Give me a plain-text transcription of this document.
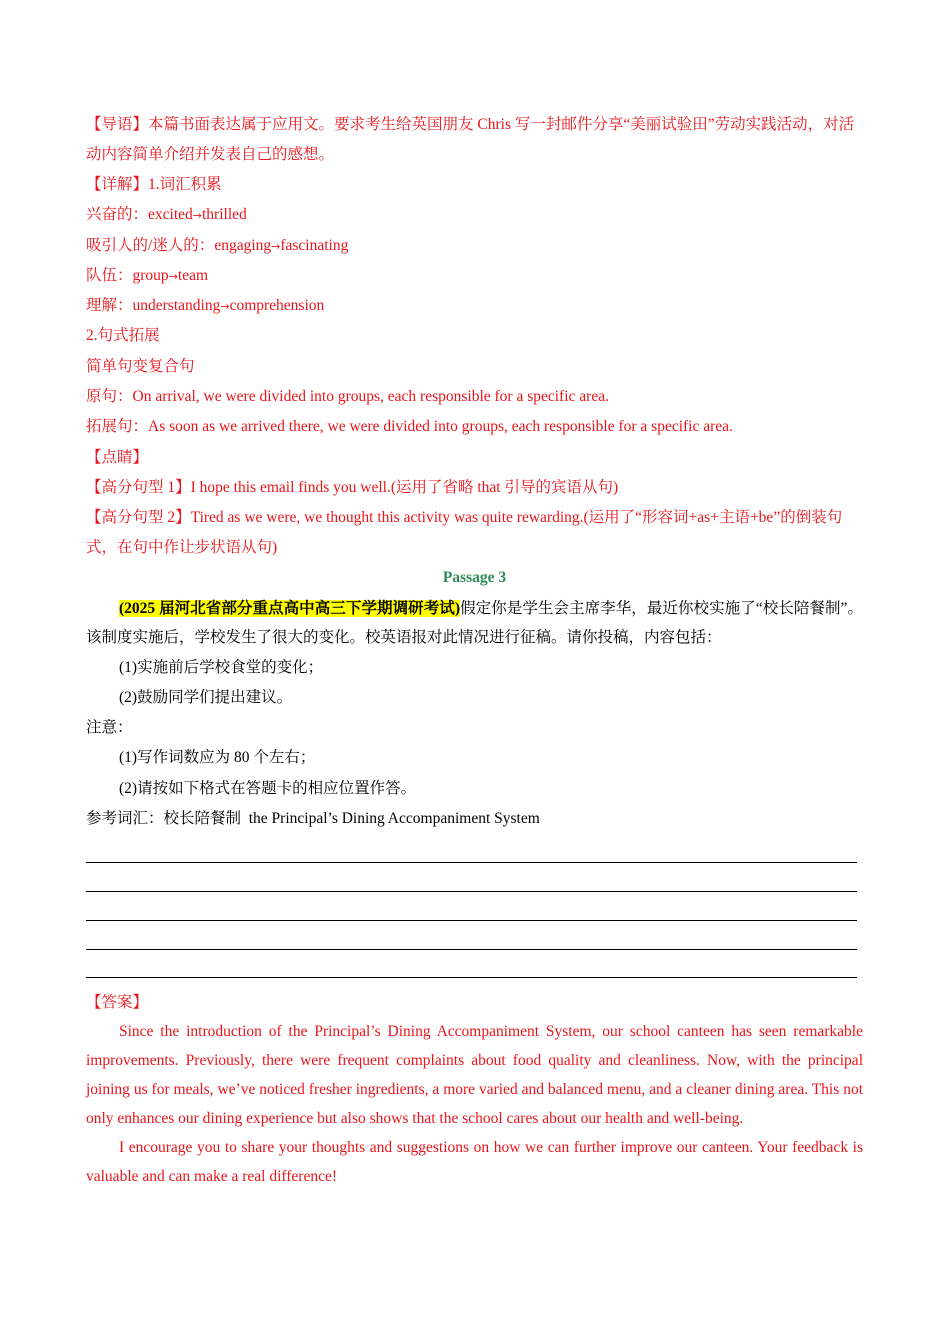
【导语】本篇书面表达属于应用文。要求考生给英国朋友 Chris 写一封邮件分享“美丽试验田”劳动实践活动，对活动内容简单介绍并发表自己的感想。
【详解】1.词汇积累
兴奋的：excited→thrilled
吸引人的/迷人的：engaging→fascinating
队伍：group→team
理解：understanding→comprehension
2.句式拓展
简单句变复合句
原句：On arrival, we were divided into groups, each responsible for a specific area.
拓展句：As soon as we arrived there, we were divided into groups, each responsible for a specific area.
【点睛】
【高分句型 1】I hope this email finds you well.(运用了省略 that 引导的宾语从句)
【高分句型 2】Tired as we were, we thought this activity was quite rewarding.(运用了“形容词+as+主语+be”的倒装句式，在句中作让步状语从句)
Passage 3
(2025 届河北省部分重点高中高三下学期调研考试)假定你是学生会主席李华，最近你校实施了“校长陪餐制”。该制度实施后，学校发生了很大的变化。校英语报对此情况进行征稿。请你投稿，内容包括：
(1)实施前后学校食堂的变化；
(2)鼓励同学们提出建议。
注意：
(1)写作词数应为 80 个左右；
(2)请按如下格式在答题卡的相应位置作答。
参考词汇：校长陪餐制  the Principal’s Dining Accompaniment System

【答案】

Since the introduction of the Principal’s Dining Accompaniment System, our school canteen has seen remarkable improvements. Previously, there were frequent complaints about food quality and cleanliness. Now, with the principal joining us for meals, we’ve noticed fresher ingredients, a more varied and balanced menu, and a cleaner dining area. This not only enhances our dining experience but also shows that the school cares about our health and well-being.

I encourage you to share your thoughts and suggestions on how we can further improve our canteen. Your feedback is valuable and can make a real difference!
